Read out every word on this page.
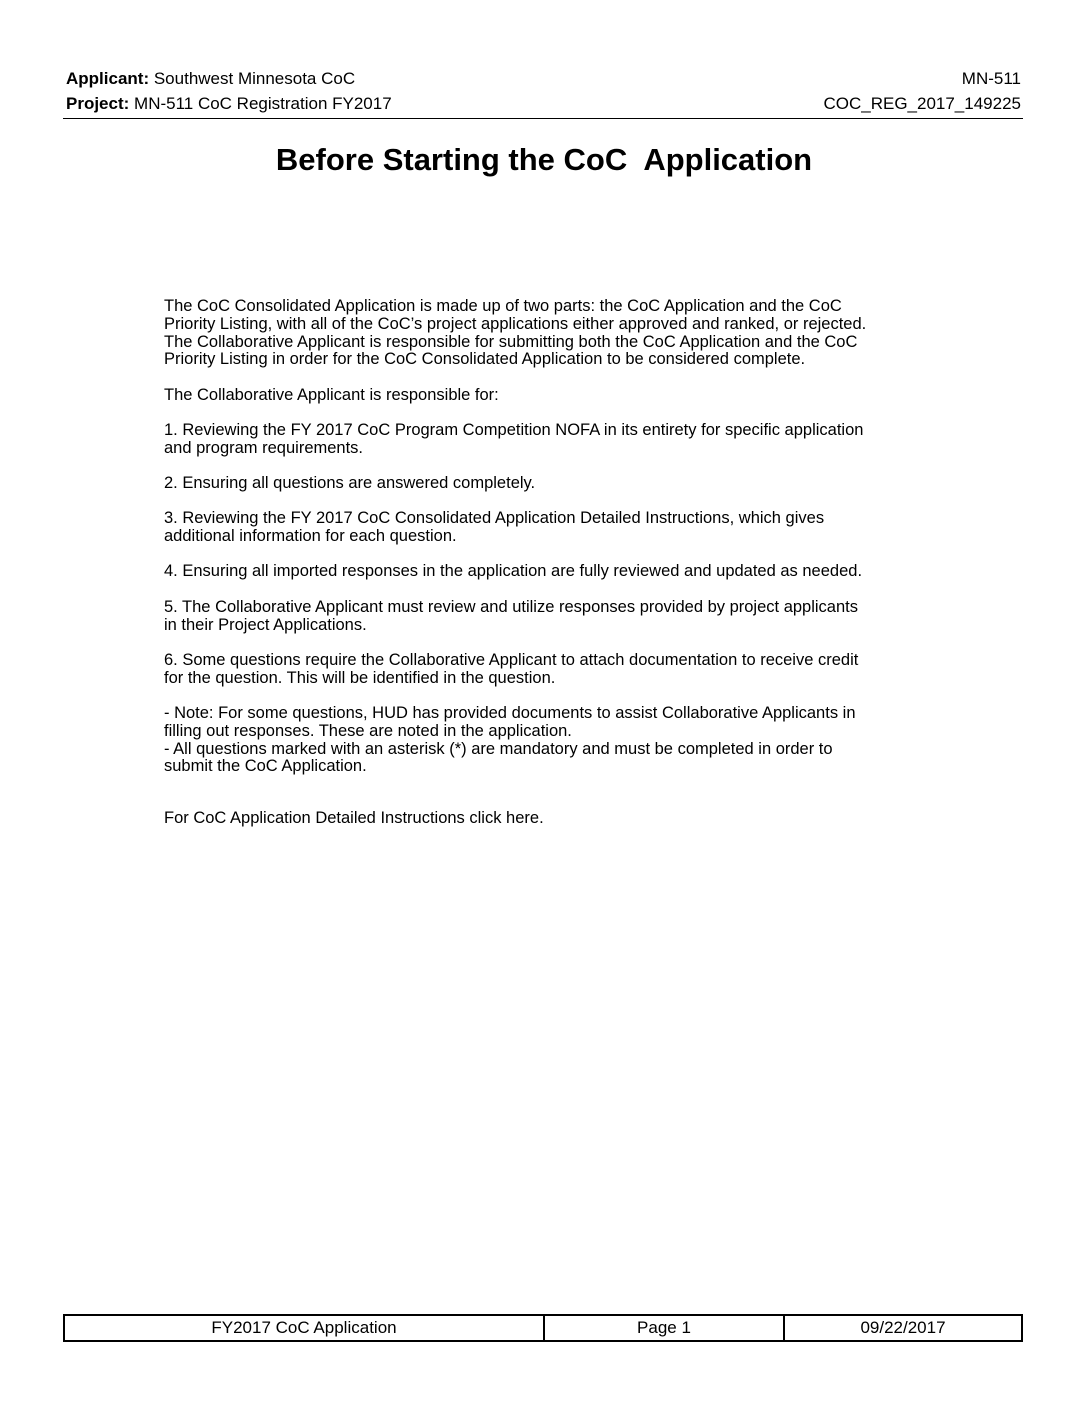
Applicant: Southwest Minnesota CoC	MN-511
Project: MN-511 CoC Registration FY2017	COC_REG_2017_149225
Before Starting the CoC  Application

The CoC Consolidated Application is made up of two parts: the CoC Application and the CoC
Priority Listing, with all of the CoC’s project applications either approved and ranked, or rejected.
The Collaborative Applicant is responsible for submitting both the CoC Application and the CoC
Priority Listing in order for the CoC Consolidated Application to be considered complete.

The Collaborative Applicant is responsible for:

1. Reviewing the FY 2017 CoC Program Competition NOFA in its entirety for specific application
and program requirements.

2. Ensuring all questions are answered completely.

3. Reviewing the FY 2017 CoC Consolidated Application Detailed Instructions, which gives
additional information for each question.

4. Ensuring all imported responses in the application are fully reviewed and updated as needed.

5. The Collaborative Applicant must review and utilize responses provided by project applicants
in their Project Applications.

6. Some questions require the Collaborative Applicant to attach documentation to receive credit
for the question. This will be identified in the question.

- Note: For some questions, HUD has provided documents to assist Collaborative Applicants in
filling out responses. These are noted in the application.
- All questions marked with an asterisk (*) are mandatory and must be completed in order to
submit the CoC Application.

For CoC Application Detailed Instructions click here.

FY2017 CoC Application	Page 1	09/22/2017
